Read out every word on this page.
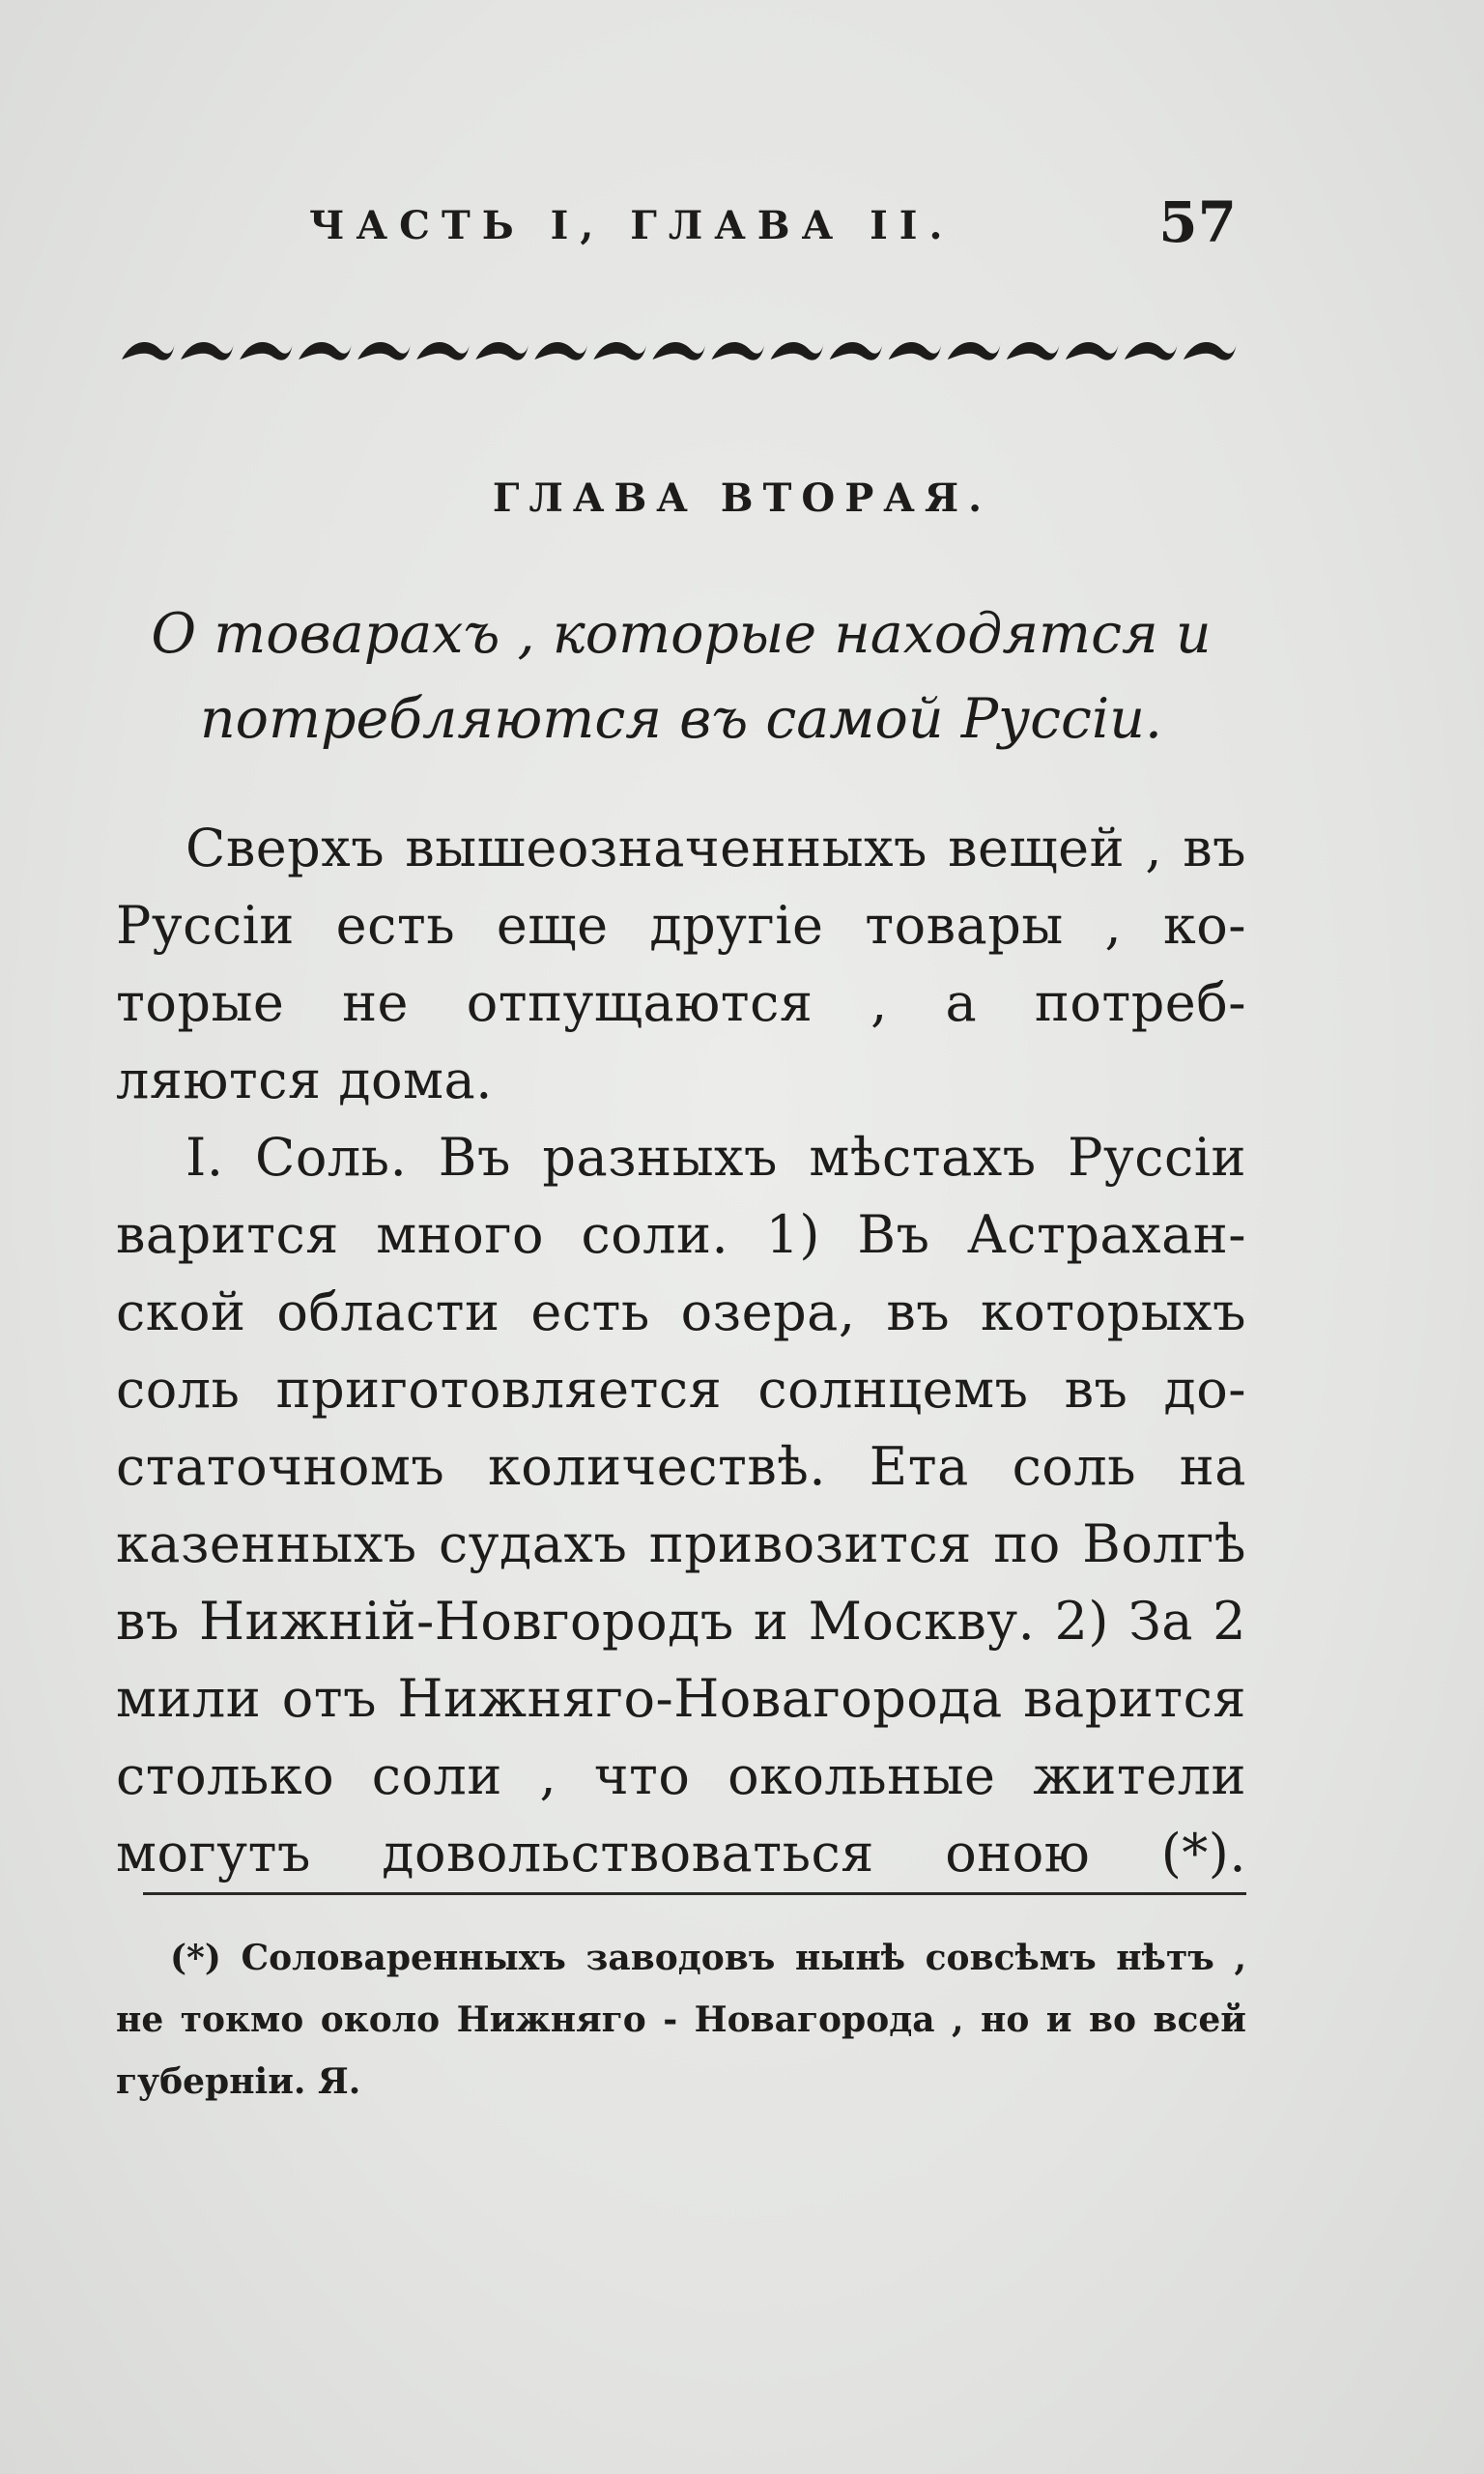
ЧАСТЬ I, ГЛАВА II.	57
ГЛАВА ВТОРАЯ.
О товарахъ , которые находятся и
потребляются въ самой Руссіи.
Сверхъ вышеозначенныхъ вещей , въ
Руссіи есть еще другіе товары , ко-
торые не отпущаются , а потреб-
ляются дома.
I. Соль. Въ разныхъ мѣстахъ Руссіи
варится много соли. 1) Въ Астрахан-
ской области есть озера, въ которыхъ
соль приготовляется солнцемъ въ до-
статочномъ количествѣ. Ета соль на
казенныхъ судахъ привозится по Волгѣ
въ Нижній-Новгородъ и Москву. 2) За 2
мили отъ Нижняго-Новагорода варится
столько соли , что окольные жители
могутъ довольствоваться оною (*).
(*) Соловаренныхъ заводовъ нынѣ совсѣмъ нѣтъ ,
не токмо около Нижняго - Новагорода , но и во всей
губерніи. Я.
